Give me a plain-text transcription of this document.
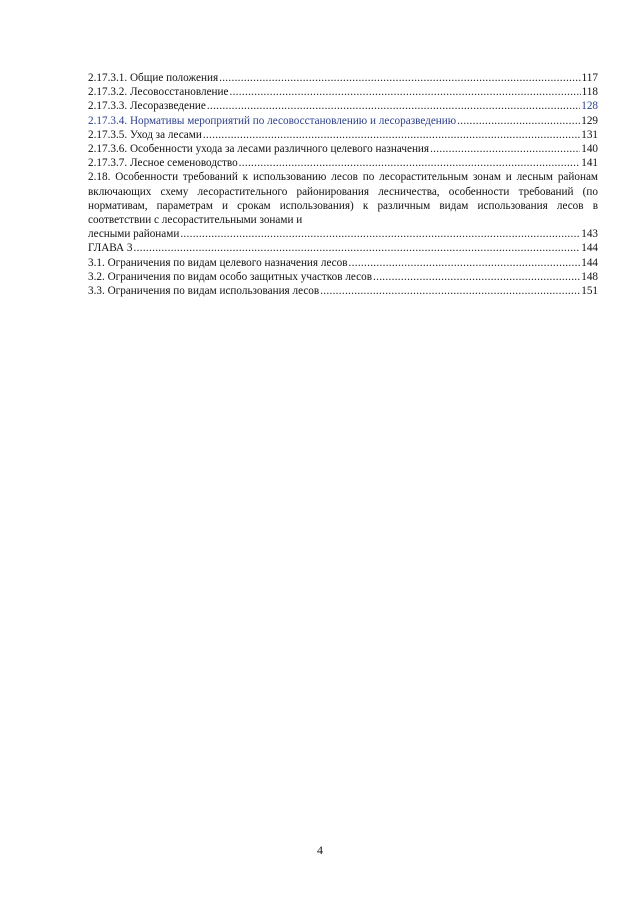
2.17.3.1. Общие положения .....	117
2.17.3.2. Лесовосстановление .....	118
2.17.3.3. Лесоразведение .....	128
2.17.3.4. Нормативы мероприятий по лесовосстановлению и лесоразведению .....	129
2.17.3.5. Уход за лесами .....	131
2.17.3.6. Особенности ухода за лесами различного целевого назначения .....	140
2.17.3.7. Лесное семеноводство .....	141
2.18. Особенности требований к использованию лесов по лесорастительным зонам и лесным районам включающих схему лесорастительного районирования лесничества, особенности требований (по нормативам, параметрам и срокам использования) к различным видам использования лесов в соответствии с лесорастительными зонами и
лесными районами .....	143
ГЛАВА 3 .....	144
3.1. Ограничения по видам целевого назначения лесов .....	144
3.2. Ограничения по видам особо защитных участков лесов .....	148
3.3. Ограничения по видам использования лесов .....	151
4
